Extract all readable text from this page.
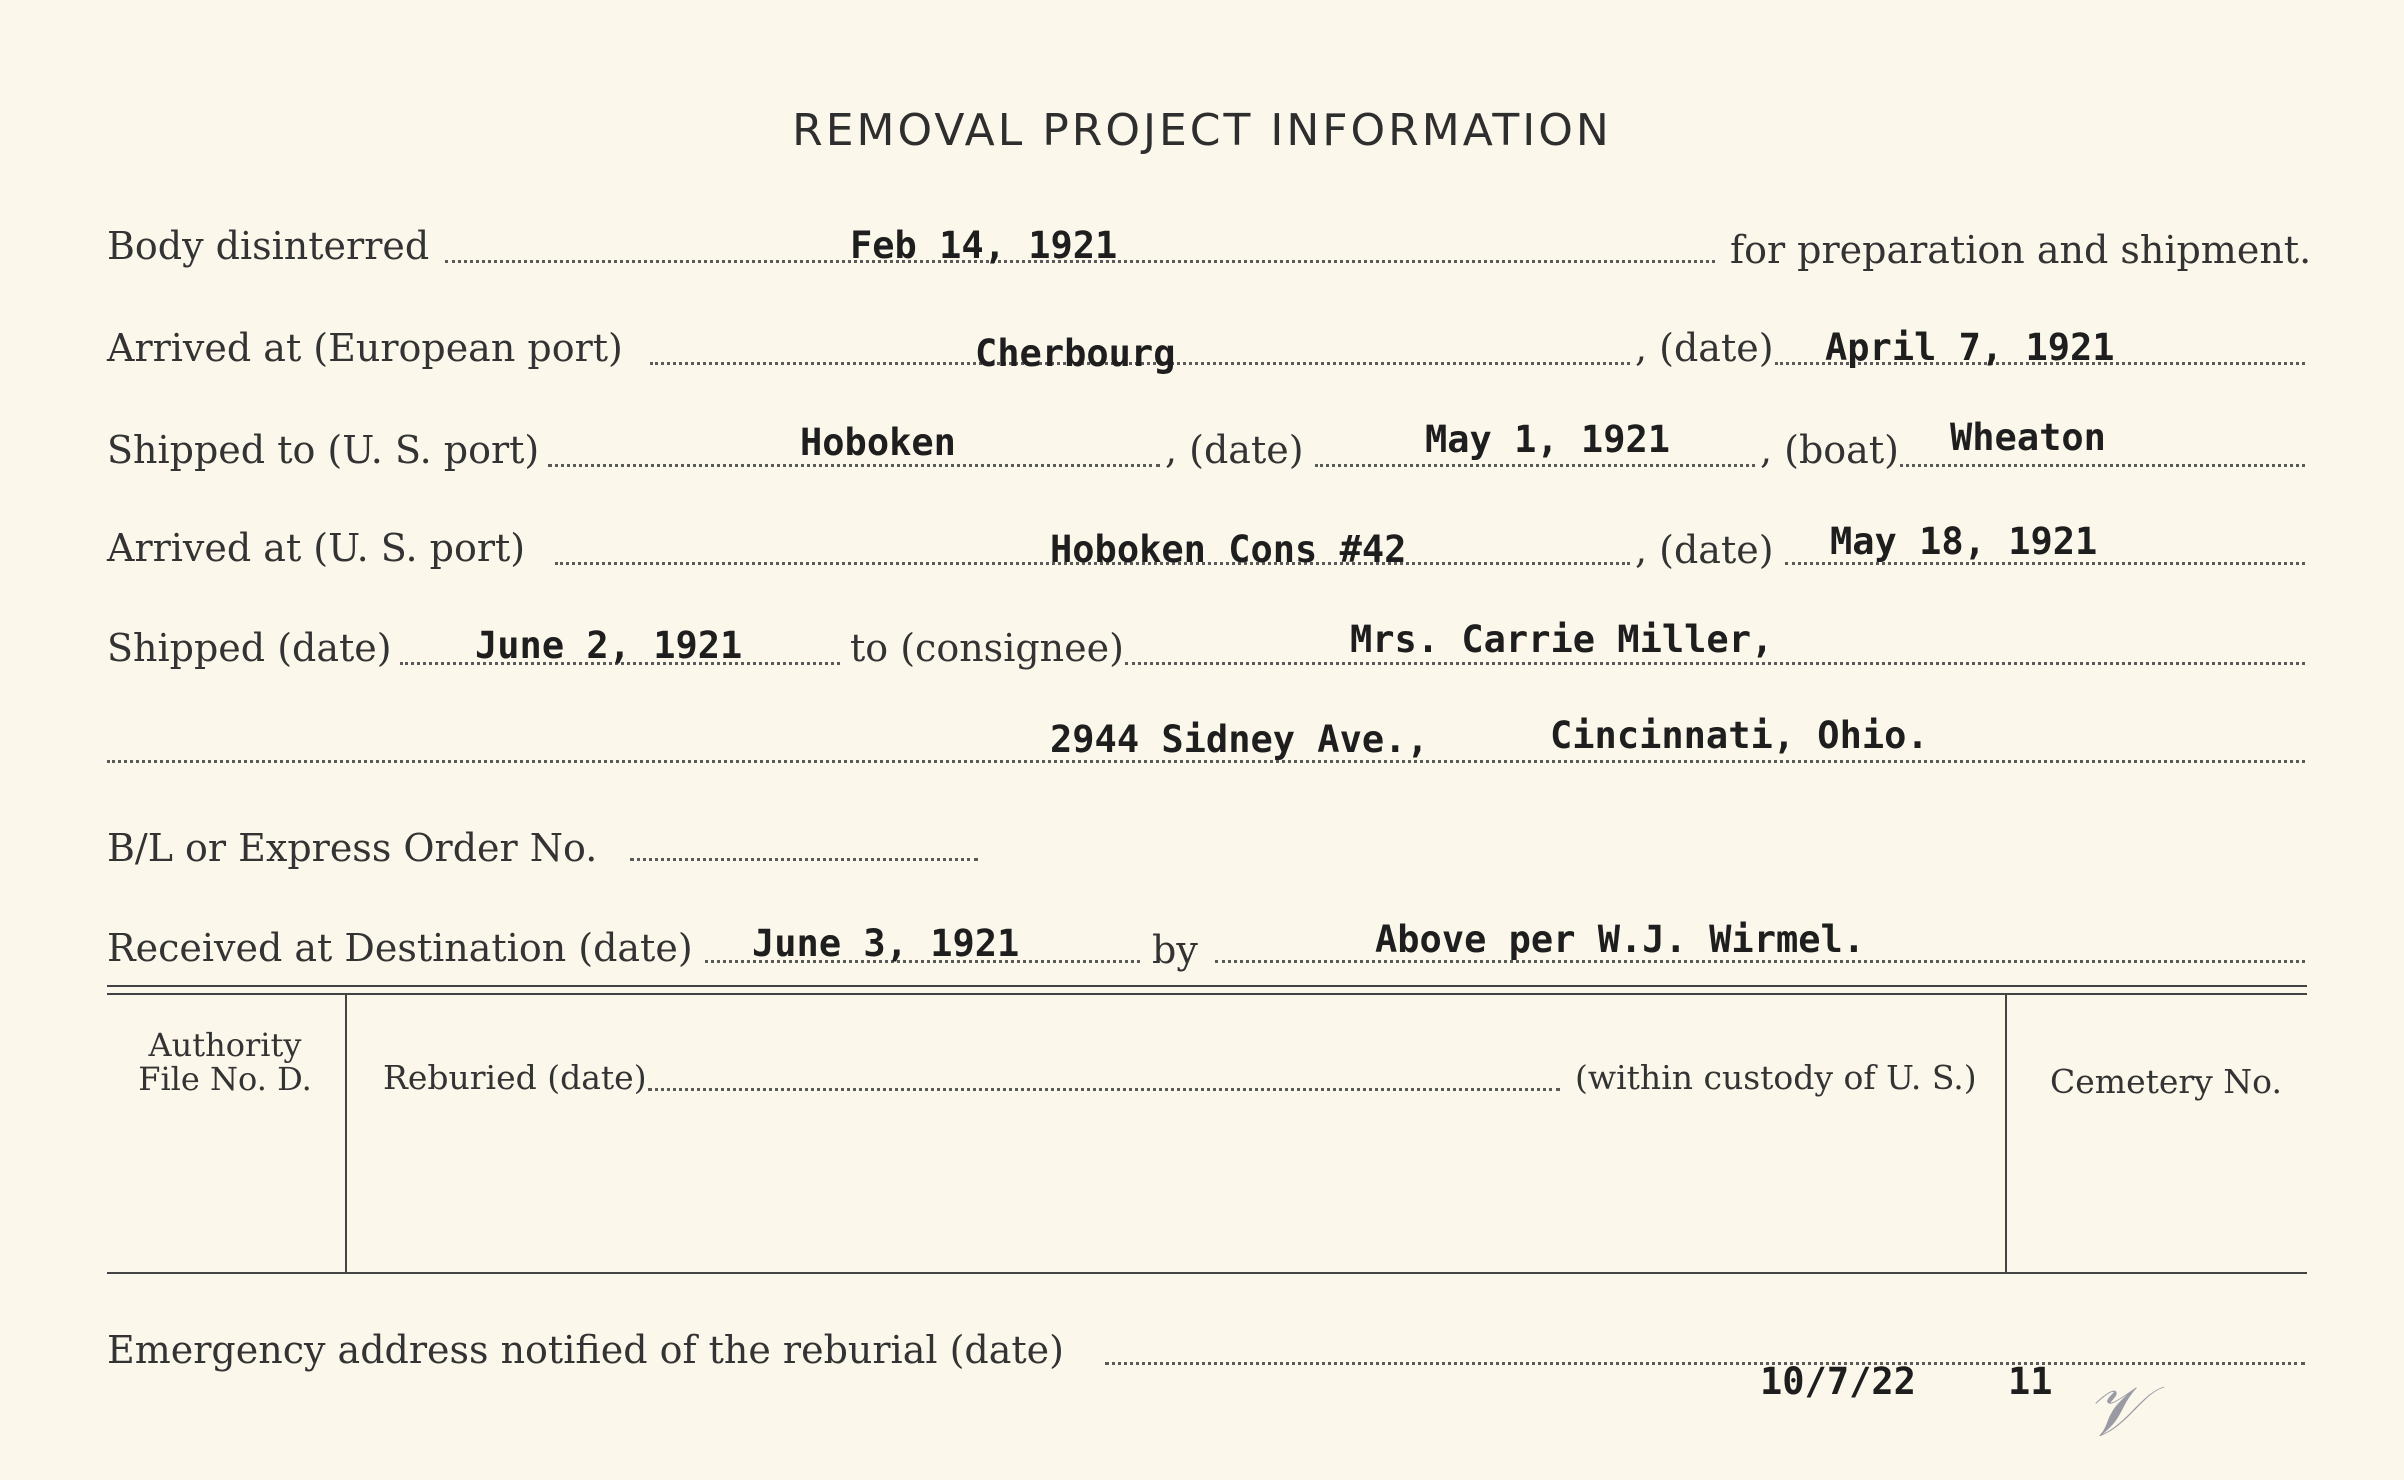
REMOVAL PROJECT INFORMATION
Body disinterred	Feb 14, 1921	for preparation and shipment.
Arrived at (European port)	Cherbourg	, (date) April 7, 1921
Shipped to (U. S. port)	Hoboken	, (date)	May 1, 1921 , (boat) Wheaton
Arrived at (U. S. port)	Hoboken Cons #42	, (date) May 18, 1921
Shipped (date) June 2, 1921	to (consignee)	Mrs. Carrie Miller,
2944 Sidney Ave.,	Cincinnati, Ohio.
B/L or Express Order No.
Received at Destination (date) June 3, 1921	by	Above per W.J. Wirmel.
Authority
File No. D.	Reburied (date)	(within custody of U. S.) Cemetery No.
Emergency address notified of the reburial (date)
10/7/22 11 𝒱
